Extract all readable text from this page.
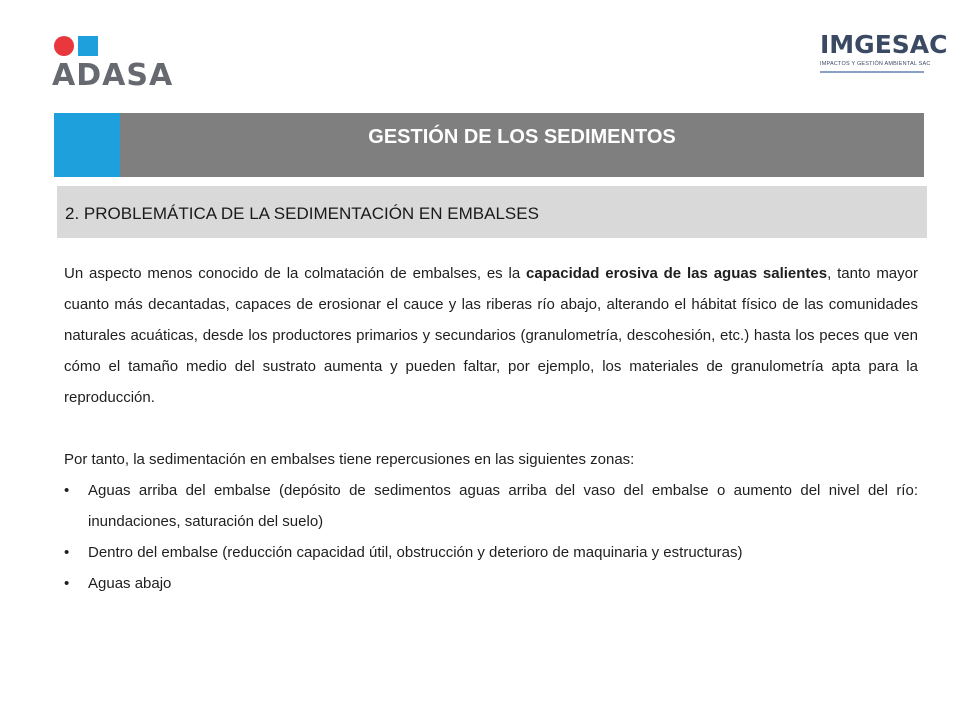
ADASA
IMGESAC
IMPACTOS Y GESTIÓN AMBIENTAL SAC
GESTIÓN DE LOS SEDIMENTOS
2. PROBLEMÁTICA DE LA SEDIMENTACIÓN EN EMBALSES

Un aspecto menos conocido de la colmatación de embalses, es la capacidad erosiva de las aguas salientes, tanto mayor cuanto más decantadas, capaces de erosionar el cauce y las riberas río abajo, alterando el hábitat físico de las comunidades naturales acuáticas, desde los productores primarios y secundarios (granulometría, descohesión, etc.) hasta los peces que ven cómo el tamaño medio del sustrato aumenta y pueden faltar, por ejemplo, los materiales de granulometría apta para la reproducción.

Por tanto, la sedimentación en embalses tiene repercusiones en las siguientes zonas:

• Aguas arriba del embalse (depósito de sedimentos aguas arriba del vaso del embalse o aumento del nivel del río: inundaciones, saturación del suelo)
• Dentro del embalse (reducción capacidad útil, obstrucción y deterioro de maquinaria y estructuras)
• Aguas abajo
